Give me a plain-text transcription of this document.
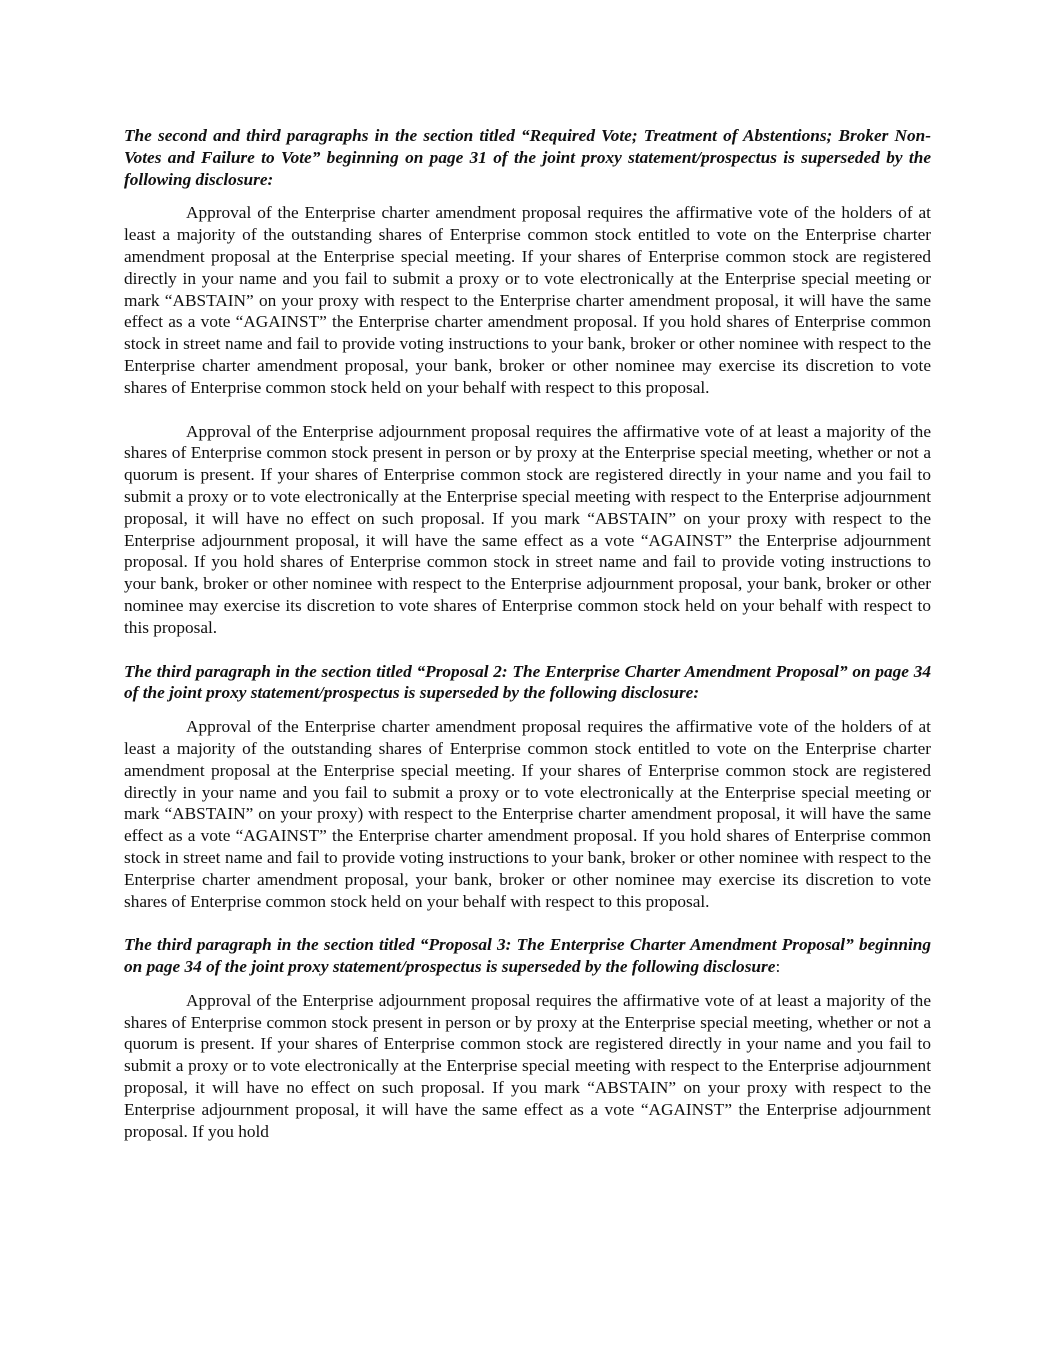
The second and third paragraphs in the section titled “Required Vote; Treatment of Abstentions; Broker Non-Votes and Failure to Vote” beginning on page 31 of the joint proxy statement/prospectus is superseded by the following disclosure:

Approval of the Enterprise charter amendment proposal requires the affirmative vote of the holders of at least a majority of the outstanding shares of Enterprise common stock entitled to vote on the Enterprise charter amendment proposal at the Enterprise special meeting. If your shares of Enterprise common stock are registered directly in your name and you fail to submit a proxy or to vote electronically at the Enterprise special meeting or mark “ABSTAIN” on your proxy with respect to the Enterprise charter amendment proposal, it will have the same effect as a vote “AGAINST” the Enterprise charter amendment proposal. If you hold shares of Enterprise common stock in street name and fail to provide voting instructions to your bank, broker or other nominee with respect to the Enterprise charter amendment proposal, your bank, broker or other nominee may exercise its discretion to vote shares of Enterprise common stock held on your behalf with respect to this proposal.

Approval of the Enterprise adjournment proposal requires the affirmative vote of at least a majority of the shares of Enterprise common stock present in person or by proxy at the Enterprise special meeting, whether or not a quorum is present. If your shares of Enterprise common stock are registered directly in your name and you fail to submit a proxy or to vote electronically at the Enterprise special meeting with respect to the Enterprise adjournment proposal, it will have no effect on such proposal. If you mark “ABSTAIN” on your proxy with respect to the Enterprise adjournment proposal, it will have the same effect as a vote “AGAINST” the Enterprise adjournment proposal. If you hold shares of Enterprise common stock in street name and fail to provide voting instructions to your bank, broker or other nominee with respect to the Enterprise adjournment proposal, your bank, broker or other nominee may exercise its discretion to vote shares of Enterprise common stock held on your behalf with respect to this proposal.

The third paragraph in the section titled “Proposal 2: The Enterprise Charter Amendment Proposal” on page 34 of the joint proxy statement/prospectus is superseded by the following disclosure:

Approval of the Enterprise charter amendment proposal requires the affirmative vote of the holders of at least a majority of the outstanding shares of Enterprise common stock entitled to vote on the Enterprise charter amendment proposal at the Enterprise special meeting. If your shares of Enterprise common stock are registered directly in your name and you fail to submit a proxy or to vote electronically at the Enterprise special meeting or mark “ABSTAIN” on your proxy) with respect to the Enterprise charter amendment proposal, it will have the same effect as a vote “AGAINST” the Enterprise charter amendment proposal. If you hold shares of Enterprise common stock in street name and fail to provide voting instructions to your bank, broker or other nominee with respect to the Enterprise charter amendment proposal, your bank, broker or other nominee may exercise its discretion to vote shares of Enterprise common stock held on your behalf with respect to this proposal.

The third paragraph in the section titled “Proposal 3: The Enterprise Charter Amendment Proposal” beginning on page 34 of the joint proxy statement/prospectus is superseded by the following disclosure:

Approval of the Enterprise adjournment proposal requires the affirmative vote of at least a majority of the shares of Enterprise common stock present in person or by proxy at the Enterprise special meeting, whether or not a quorum is present. If your shares of Enterprise common stock are registered directly in your name and you fail to submit a proxy or to vote electronically at the Enterprise special meeting with respect to the Enterprise adjournment proposal, it will have no effect on such proposal. If you mark “ABSTAIN” on your proxy with respect to the Enterprise adjournment proposal, it will have the same effect as a vote “AGAINST” the Enterprise adjournment proposal. If you hold
